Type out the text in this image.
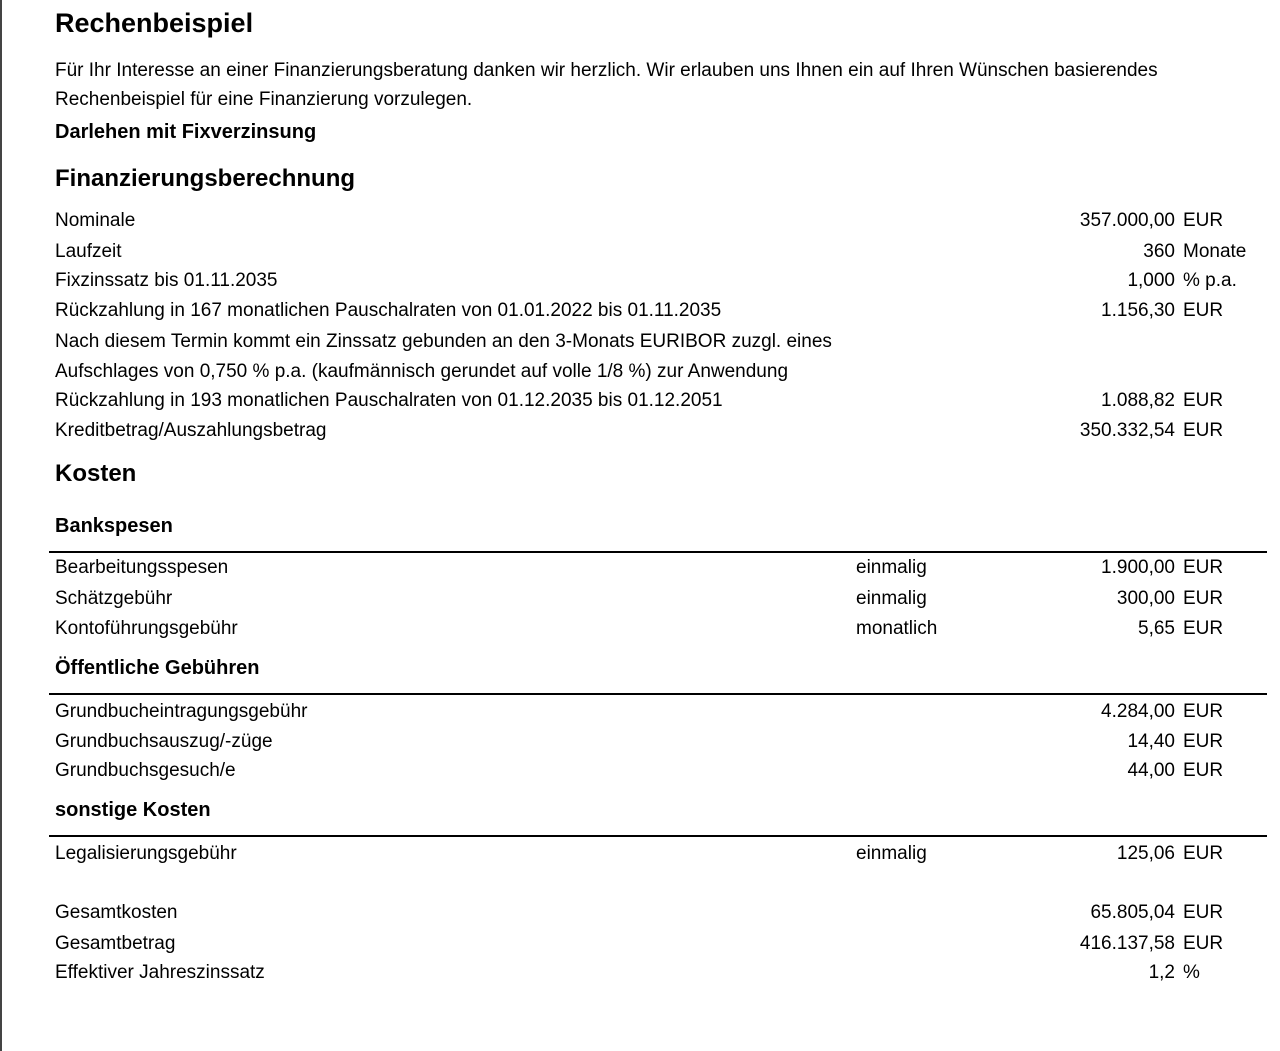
Rechenbeispiel
Für Ihr Interesse an einer Finanzierungsberatung danken wir herzlich. Wir erlauben uns Ihnen ein auf Ihren Wünschen basierendes Rechenbeispiel für eine Finanzierung vorzulegen.
Darlehen mit Fixverzinsung
Finanzierungsberechnung
Nominale	357.000,00 EUR
Laufzeit	360 Monate
Fixzinssatz bis 01.11.2035	1,000 % p.a.
Rückzahlung in 167 monatlichen Pauschalraten von 01.01.2022 bis 01.11.2035	1.156,30 EUR
Nach diesem Termin kommt ein Zinssatz gebunden an den 3-Monats EURIBOR zuzgl. eines
Aufschlages von 0,750 % p.a. (kaufmännisch gerundet auf volle 1/8 %) zur Anwendung
Rückzahlung in 193 monatlichen Pauschalraten von 01.12.2035 bis 01.12.2051	1.088,82 EUR
Kreditbetrag/Auszahlungsbetrag	350.332,54 EUR
Kosten
Bankspesen
Bearbeitungsspesen	einmalig	1.900,00 EUR
Schätzgebühr	einmalig	300,00 EUR
Kontoführungsgebühr	monatlich	5,65 EUR
Öffentliche Gebühren
Grundbucheintragungsgebühr	4.284,00 EUR
Grundbuchsauszug/-züge	14,40 EUR
Grundbuchsgesuch/e	44,00 EUR
sonstige Kosten
Legalisierungsgebühr	einmalig	125,06 EUR
Gesamtkosten	65.805,04 EUR
Gesamtbetrag	416.137,58 EUR
Effektiver Jahreszinssatz	1,2 %
